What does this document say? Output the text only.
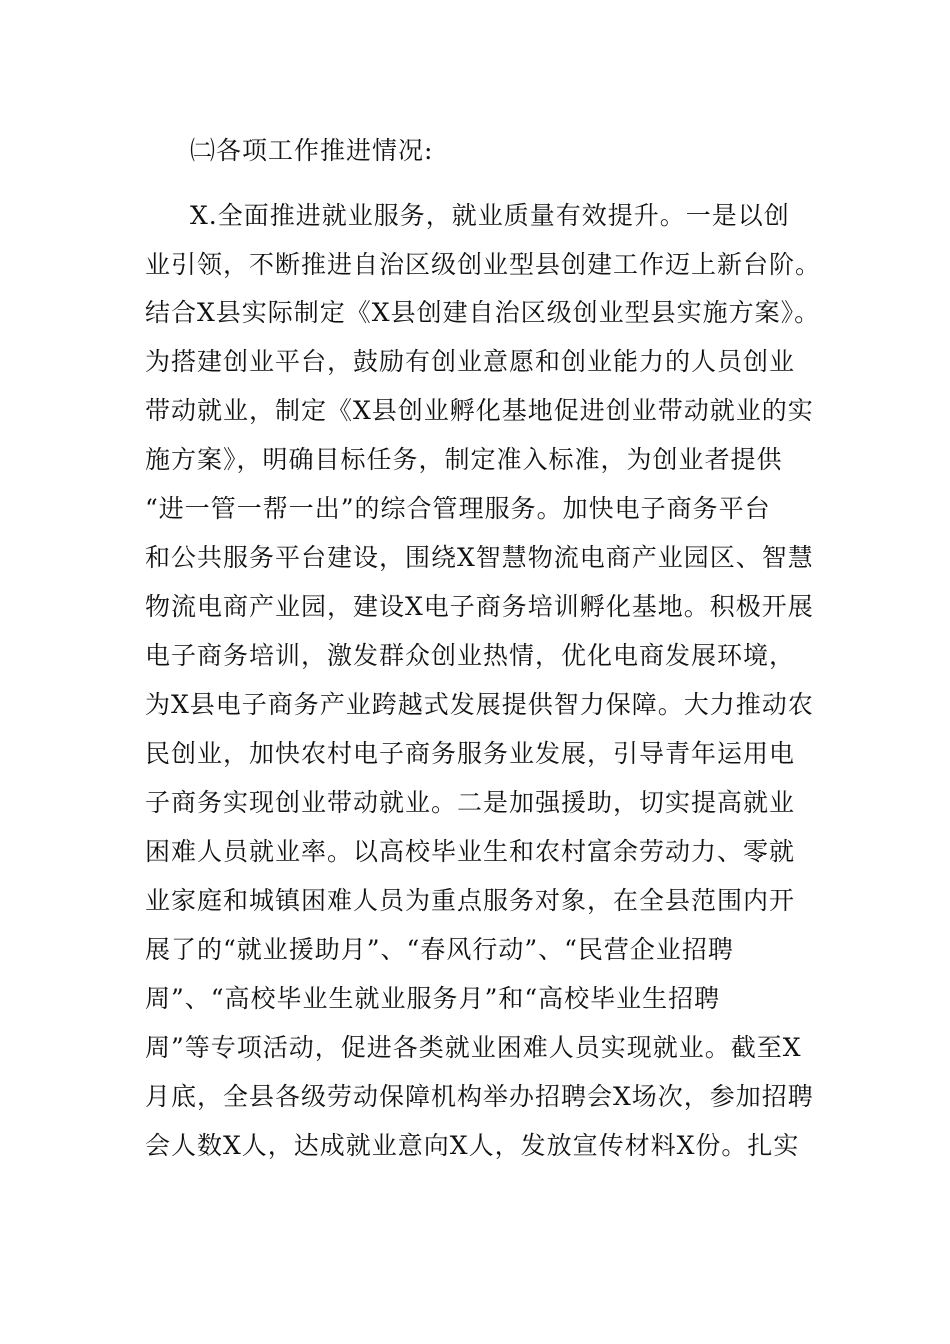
㈡各项工作推进情况:
X.全面推进就业服务，就业质量有效提升。一是以创
业引领，不断推进自治区级创业型县创建工作迈上新台阶。
结合X县实际制定《X县创建自治区级创业型县实施方案》。
为搭建创业平台，鼓励有创业意愿和创业能力的人员创业
带动就业，制定《X县创业孵化基地促进创业带动就业的实
施方案》，明确目标任务，制定准入标准，为创业者提供
“进一管一帮一出”的综合管理服务。加快电子商务平台
和公共服务平台建设，围绕X智慧物流电商产业园区、智慧
物流电商产业园，建设X电子商务培训孵化基地。积极开展
电子商务培训，激发群众创业热情，优化电商发展环境，
为X县电子商务产业跨越式发展提供智力保障。大力推动农
民创业，加快农村电子商务服务业发展，引导青年运用电
子商务实现创业带动就业。二是加强援助，切实提高就业
困难人员就业率。以高校毕业生和农村富余劳动力、零就
业家庭和城镇困难人员为重点服务对象，在全县范围内开
展了的“就业援助月”、“春风行动”、“民营企业招聘
周”、“高校毕业生就业服务月”和“高校毕业生招聘
周”等专项活动，促进各类就业困难人员实现就业。截至X
月底，全县各级劳动保障机构举办招聘会X场次，参加招聘
会人数X人，达成就业意向X人，发放宣传材料X份。扎实
